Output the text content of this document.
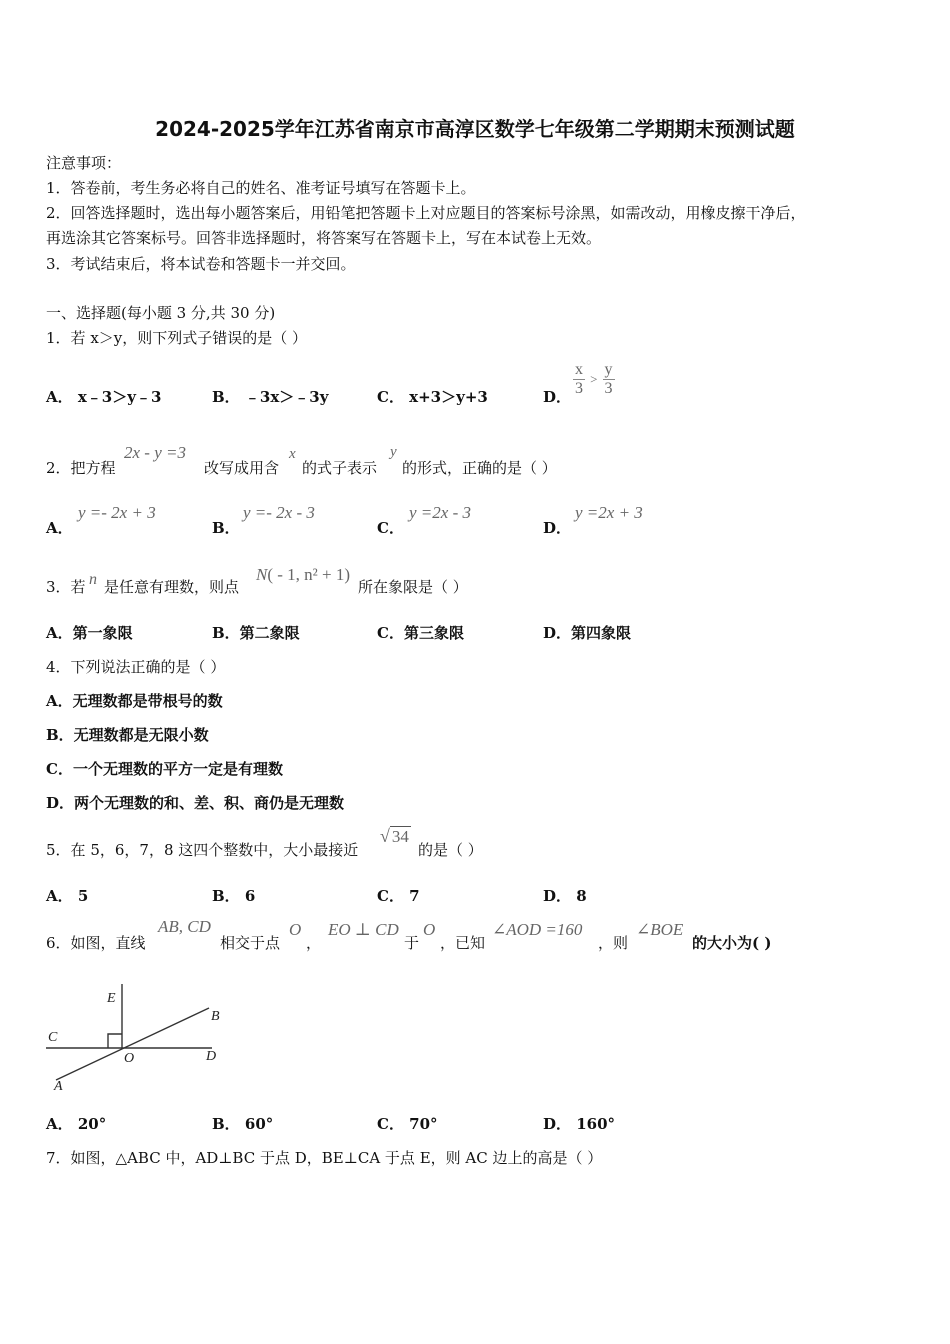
2024-2025学年江苏省南京市高淳区数学七年级第二学期期末预测试题
注意事项：
1．答卷前，考生务必将自己的姓名、准考证号填写在答题卡上。
2．回答选择题时，选出每小题答案后，用铅笔把答题卡上对应题目的答案标号涂黑，如需改动，用橡皮擦干净后，
再选涂其它答案标号。回答非选择题时，将答案写在答题卡上，写在本试卷上无效。
3．考试结束后，将本试卷和答题卡一并交回。
一、选择题(每小题 3 分,共 30 分)
1．若 x＞y，则下列式子错误的是（ ）
A． x﹣3＞y﹣3	B． ﹣3x＞﹣3y	C． x+3＞y+3	D． $\frac{x}{3} > \frac{y}{3}$
2．把方程
2x - y =3
改写成用含
x
的式子表示
y
的形式，正确的是（ ）
A．
y =- 2x + 3
B．
y =- 2x - 3
C．
y =2x - 3
D．
y =2x + 3
3．若 n 是任意有理数，则点
N( - 1, n² + 1)
所在象限是（ ）
A．第一象限	B．第二象限	C．第三象限	D．第四象限
4．下列说法正确的是（ ）
A．无理数都是带根号的数
B．无理数都是无限小数
C．一个无理数的平方一定是有理数
D．两个无理数的和、差、积、商仍是无理数
5．在 5，6，7，8 这四个整数中，大小最接近
√ 34
的是（ ）
A． 5	B． 6	C． 7	D． 8
6．如图，直线
AB, CD
相交于点
O
，
EO ⊥ CD
于
O
，已知
∠AOD =160
，则
∠BOE
的大小为( )
E
C
O	D
B
A
A． 20°	B． 60°	C． 70°	D． 160°
7．如图，△ABC 中，AD⊥BC 于点 D，BE⊥CA 于点 E，则 AC 边上的高是（ ）
